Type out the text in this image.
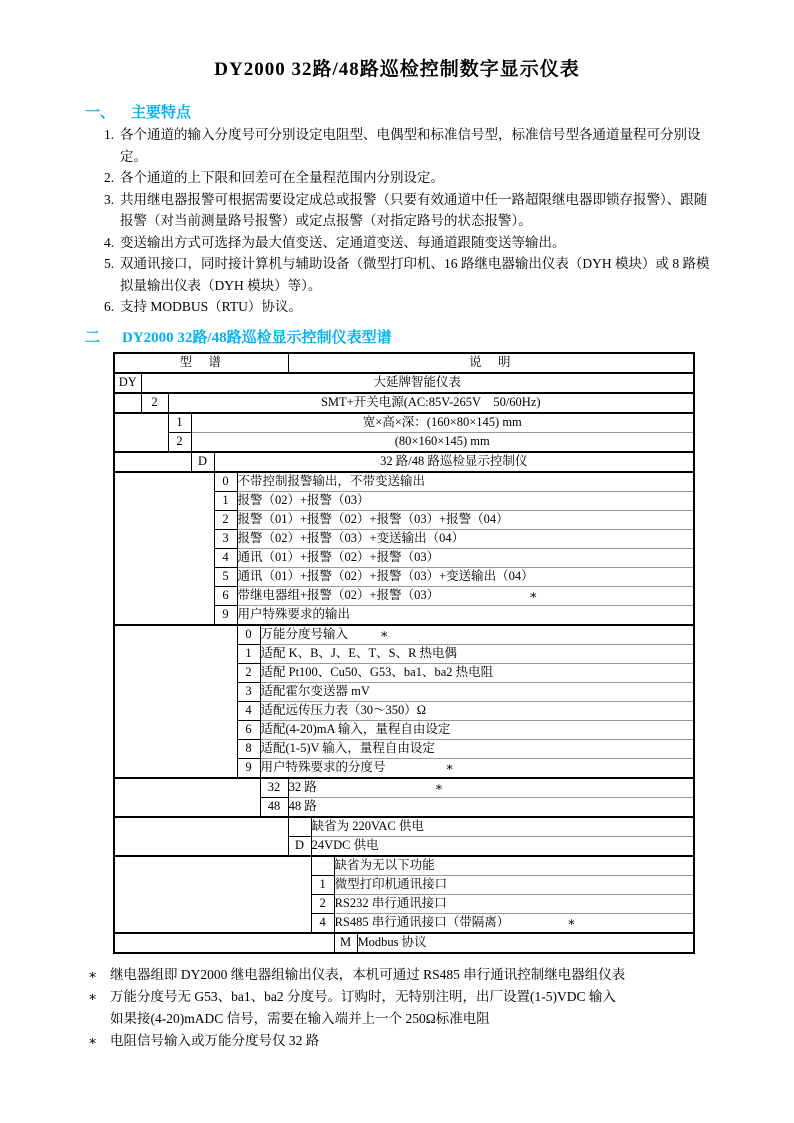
DY2000 32路/48路巡检控制数字显示仪表
一、 主要特点
1. 各个通道的输入分度号可分别设定电阻型、电偶型和标准信号型，标准信号型各通道量程可分别设定。
2. 各个通道的上下限和回差可在全量程范围内分别设定。
3. 共用继电器报警可根据需要设定成总或报警（只要有效通道中任一路超限继电器即锁存报警）、跟随报警（对当前测量路号报警）或定点报警（对指定路号的状态报警）。
4. 变送输出方式可选择为最大值变送、定通道变送、每通道跟随变送等输出。
5. 双通讯接口，同时接计算机与辅助设备（微型打印机、16 路继电器输出仪表（DYH 模块）或 8 路模拟量输出仪表（DYH 模块）等）。
6. 支持 MODBUS（RTU）协议。
二 DY2000 32路/48路巡检显示控制仪表型谱
型　谱							说　明			
DY	大延牌智能仪表									
	2	SMT+开关电源(AC:85V-265V　50/60Hz)								
		1	宽×高×深：(160×80×145) mm							
		2	(80×160×145) mm							
			D	32 路/48 路巡检显示控制仪						
				0	不带控制报警输出，不带变送输出					
				1	报警（02）+报警（03）					
				2	报警（01）+报警（02）+报警（03）+报警（04）					
				3	报警（02）+报警（03）+变送输出（04）					
				4	通讯（01）+报警（02）+报警（03）					
				5	通讯（01）+报警（02）+报警（03）+变送输出（04）					
				6	带继电器组+报警（02）+报警（03） ∗					
				9	用户特殊要求的输出					
					0	万能分度号输入 ∗				
					1	适配 K、B、J、E、T、S、R 热电偶				
					2	适配 Pt100、Cu50、G53、ba1、ba2 热电阻				
					3	适配霍尔变送器 mV				
					4	适配远传压力表（30～350）Ω				
					6	适配(4-20)mA 输入，量程自由设定				
					8	适配(1-5)V 输入，量程自由设定				
					9	用户特殊要求的分度号 ∗				
						32	32 路 ∗			
						48	48 路			
								缺省为 220VAC 供电		
							D	24VDC 供电		
									缺省为无以下功能	
								1	微型打印机通讯接口	
								2	RS232 串行通讯接口	
								4	RS485 串行通讯接口（带隔离） ∗	
									M	Modbus 协议
∗ 继电器组即 DY2000 继电器组输出仪表，本机可通过 RS485 串行通讯控制继电器组仪表
∗ 万能分度号无 G53、ba1、ba2 分度号。订购时，无特别注明，出厂设置(1-5)VDC 输入
如果接(4-20)mADC 信号，需要在输入端并上一个 250Ω标准电阻
∗ 电阻信号输入或万能分度号仅 32 路
